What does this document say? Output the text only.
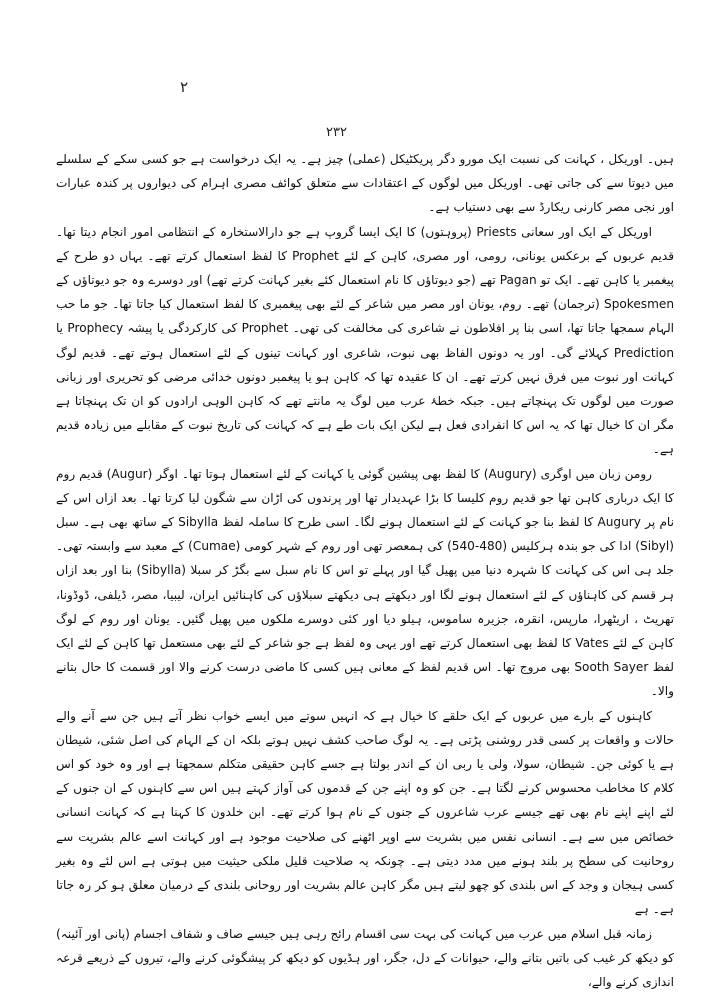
٢
٢٣٢

ہیں۔ اوریکل ، کہانت کی نسبت ایک مورو دگر پریکٹیکل (عملی) چیز ہے۔ یہ ایک درخواست ہے جو کسی سکے کے سلسلے میں دیوتا سے کی جاتی تھی۔ اوریکل میں لوگوں کے اعتقادات سے متعلق کوائف مصری اہرام کی دیواروں پر کندہ عبارات اور نجی مصر کارنی ریکارڈ سے بھی دستیاب ہے۔

اوریکل کے ایک اور سعانی Priests (پروہتوں) کا ایک ایسا گروپ ہے جو دارالاستخارہ کے انتظامی امور انجام دیتا تھا۔ قدیم عربوں کے برعکس یونانی، رومی، اور مصری، کاہن کے لئے Prophet کا لفظ استعمال کرتے تھے۔ یہاں دو طرح کے پیغمبر یا کاہن تھے۔ ایک تو Pagan تھے (جو دیوتاؤں کا نام استعمال کئے بغیر کہانت کرتے تھے) اور دوسرے وہ جو دیوتاؤں کے Spokesmen (ترجمان) تھے۔ روم، یونان اور مصر میں شاعر کے لئے بھی پیغمبری کا لفظ استعمال کیا جاتا تھا۔ جو ما حب الہام سمجھا جاتا تھا، اسی بنا پر افلاطون نے شاعری کی مخالفت کی تھی۔ Prophet کی کارکردگی یا پیشہ Prophecy یا Prediction کہلائے گی۔ اور یہ دونوں الفاظ بھی نبوت، شاعری اور کہانت تینوں کے لئے استعمال ہوتے تھے۔ قدیم لوگ کہانت اور نبوت میں فرق نہیں کرتے تھے۔ ان کا عقیدہ تھا کہ کاہن ہو یا پیغمبر دونوں خدائی مرضی کو تحریری اور زبانی صورت میں لوگوں تک پہنچاتے ہیں۔ جبکہ خطۂ عرب میں لوگ یہ مانتے تھے کہ کاہن الوہی ارادوں کو ان تک پہنچاتا ہے مگر ان کا خیال تھا کہ یہ اس کا انفرادی فعل ہے لیکن ایک بات طے ہے کہ کہانت کی تاریخ نبوت کے مقابلے میں زیادہ قدیم ہے۔

رومن زبان میں اوگری (Augury) کا لفظ بھی پیشین گوئی یا کہانت کے لئے استعمال ہوتا تھا۔ اوگر (Augur) قدیم روم کا ایک درباری کاہن تھا جو قدیم روم کلیسا کا بڑا عہدیدار تھا اور پرندوں کی اڑان سے شگون لیا کرتا تھا۔ بعد ازاں اس کے نام پر Augury کا لفظ بنا جو کہانت کے لئے استعمال ہونے لگا۔ اسی طرح کا ساملہ لفظ Sibylla کے ساتھ بھی ہے۔ سبل (Sibyl) ادا کی جو بندہ ہرکلیس (480-540) کی ہمعصر تھی اور روم کے شہر کومی (Cumae) کے معبد سے وابستہ تھی۔ جلد ہی اس کی کہانت کا شہرہ دنیا میں پھیل گیا اور پہلے تو اس کا نام سبل سے بگڑ کر سبلا (Sibylla) بنا اور بعد ازاں ہر قسم کی کاہناؤں کے لئے استعمال ہونے لگا اور دیکھتے ہی دیکھتے سبلاؤں کی کاہنائیں ایران، لیبیا، مصر، ڈیلفی، ڈوڈونا، تھریٹ ، اریٹھرا، مارپس، انقرہ، جزیرہ ساموس، ہیلو دیا اور کئی دوسرے ملکوں میں پھیل گئیں۔ یونان اور روم کے لوگ کاہن کے لئے Vates کا لفظ بھی استعمال کرتے تھے اور یہی وہ لفظ ہے جو شاعر کے لئے بھی مستعمل تھا کاہن کے لئے ایک لفظ Sooth Sayer بھی مروج تھا۔ اس قدیم لفظ کے معانی ہیں کسی کا ماضی درست کرنے والا اور قسمت کا حال بتانے والا۔

کاہنوں کے بارے میں عربوں کے ایک حلقے کا خیال ہے کہ انہیں سوتے میں ایسے خواب نظر آتے ہیں جن سے آنے والے حالات و واقعات پر کسی قدر روشنی پڑتی ہے۔ یہ لوگ صاحب کشف نہیں ہوتے بلکہ ان کے الہام کی اصل شئی، شیطان ہے یا کوئی جن۔ شیطان، سولا، ولی یا ربی ان کے اندر بولتا ہے جسے کاہن حقیقی متکلم سمجھتا ہے اور وہ خود کو اس کلام کا مخاطب محسوس کرنے لگتا ہے۔ جن کو وہ اپنے جن کے قدموں کی آواز کہتے ہیں اس سے کاہنوں کے ان جنوں کے لئے اپنے اپنے نام بھی تھے جیسے عرب شاعروں کے جنوں کے نام ہوا کرتے تھے۔ ابن خلدون کا کہنا ہے کہ کہانت انسانی خصائص میں سے ہے۔ انسانی نفس میں بشریت سے اوپر اٹھنے کی صلاحیت موجود ہے اور کہانت اسے عالم بشریت سے روحانیت کی سطح پر بلند ہونے میں مدد دیتی ہے۔ چونکہ یہ صلاحیت قلیل ملکی حیثیت میں ہوتی ہے اس لئے وہ بغیر کسی ہیجان و وجد کے اس بلندی کو چھو لیتے ہیں مگر کاہن عالم بشریت اور روحانی بلندی کے درمیان معلق ہو کر رہ جاتا ہے۔ ہے

زمانہ قبل اسلام میں عرب میں کہانت کی بہت سی اقسام رائج رہی ہیں جیسے صاف و شفاف اجسام (پانی اور آئینہ) کو دیکھ کر غیب کی باتیں بتانے والے، حیوانات کے دل، جگر، اور ہڈیوں کو دیکھ کر پیشگوئی کرنے والے، تیروں کے ذریعے قرعہ اندازی کرنے والے،
